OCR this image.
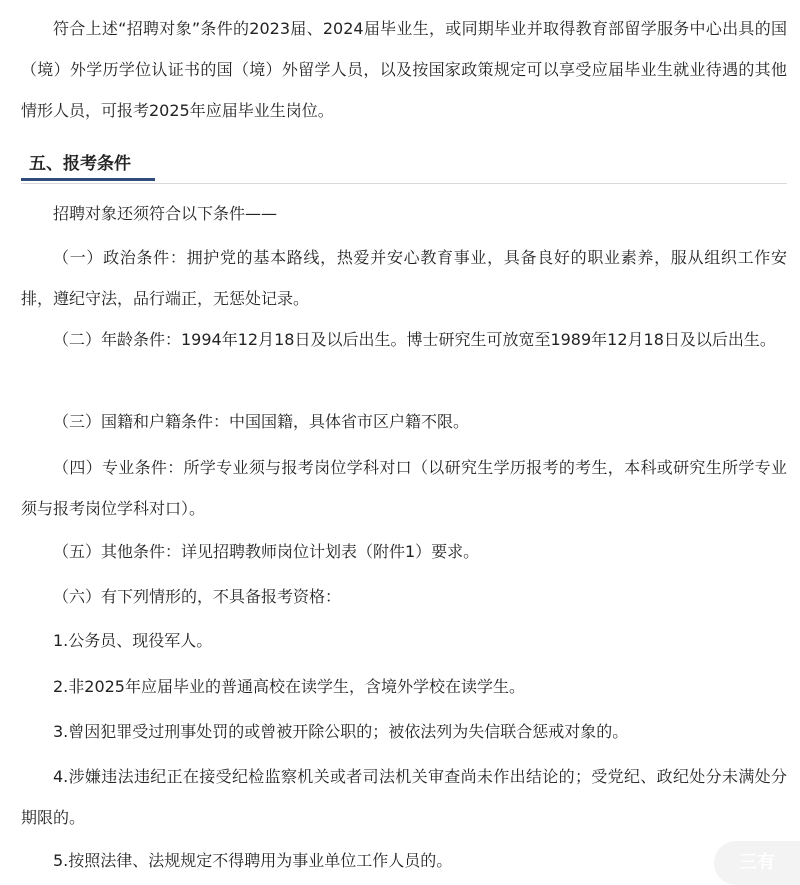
符合上述“招聘对象”条件的2023届、2024届毕业生，或同期毕业并取得教育部留学服务中心出具的国（境）外学历学位认证书的国（境）外留学人员，以及按国家政策规定可以享受应届毕业生就业待遇的其他情形人员，可报考2025年应届毕业生岗位。

五、报考条件

招聘对象还须符合以下条件——

（一）政治条件：拥护党的基本路线，热爱并安心教育事业，具备良好的职业素养，服从组织工作安排，遵纪守法，品行端正，无惩处记录。

（二）年龄条件：1994年12月18日及以后出生。博士研究生可放宽至1989年12月18日及以后出生。

（三）国籍和户籍条件：中国国籍，具体省市区户籍不限。

（四）专业条件：所学专业须与报考岗位学科对口（以研究生学历报考的考生，本科或研究生所学专业须与报考岗位学科对口）。

（五）其他条件：详见招聘教师岗位计划表（附件1）要求。

（六）有下列情形的，不具备报考资格：

1.公务员、现役军人。

2.非2025年应届毕业的普通高校在读学生，含境外学校在读学生。

3.曾因犯罪受过刑事处罚的或曾被开除公职的；被依法列为失信联合惩戒对象的。

4.涉嫌违法违纪正在接受纪检监察机关或者司法机关审查尚未作出结论的；受党纪、政纪处分未满处分期限的。

5.按照法律、法规规定不得聘用为事业单位工作人员的。	三有
